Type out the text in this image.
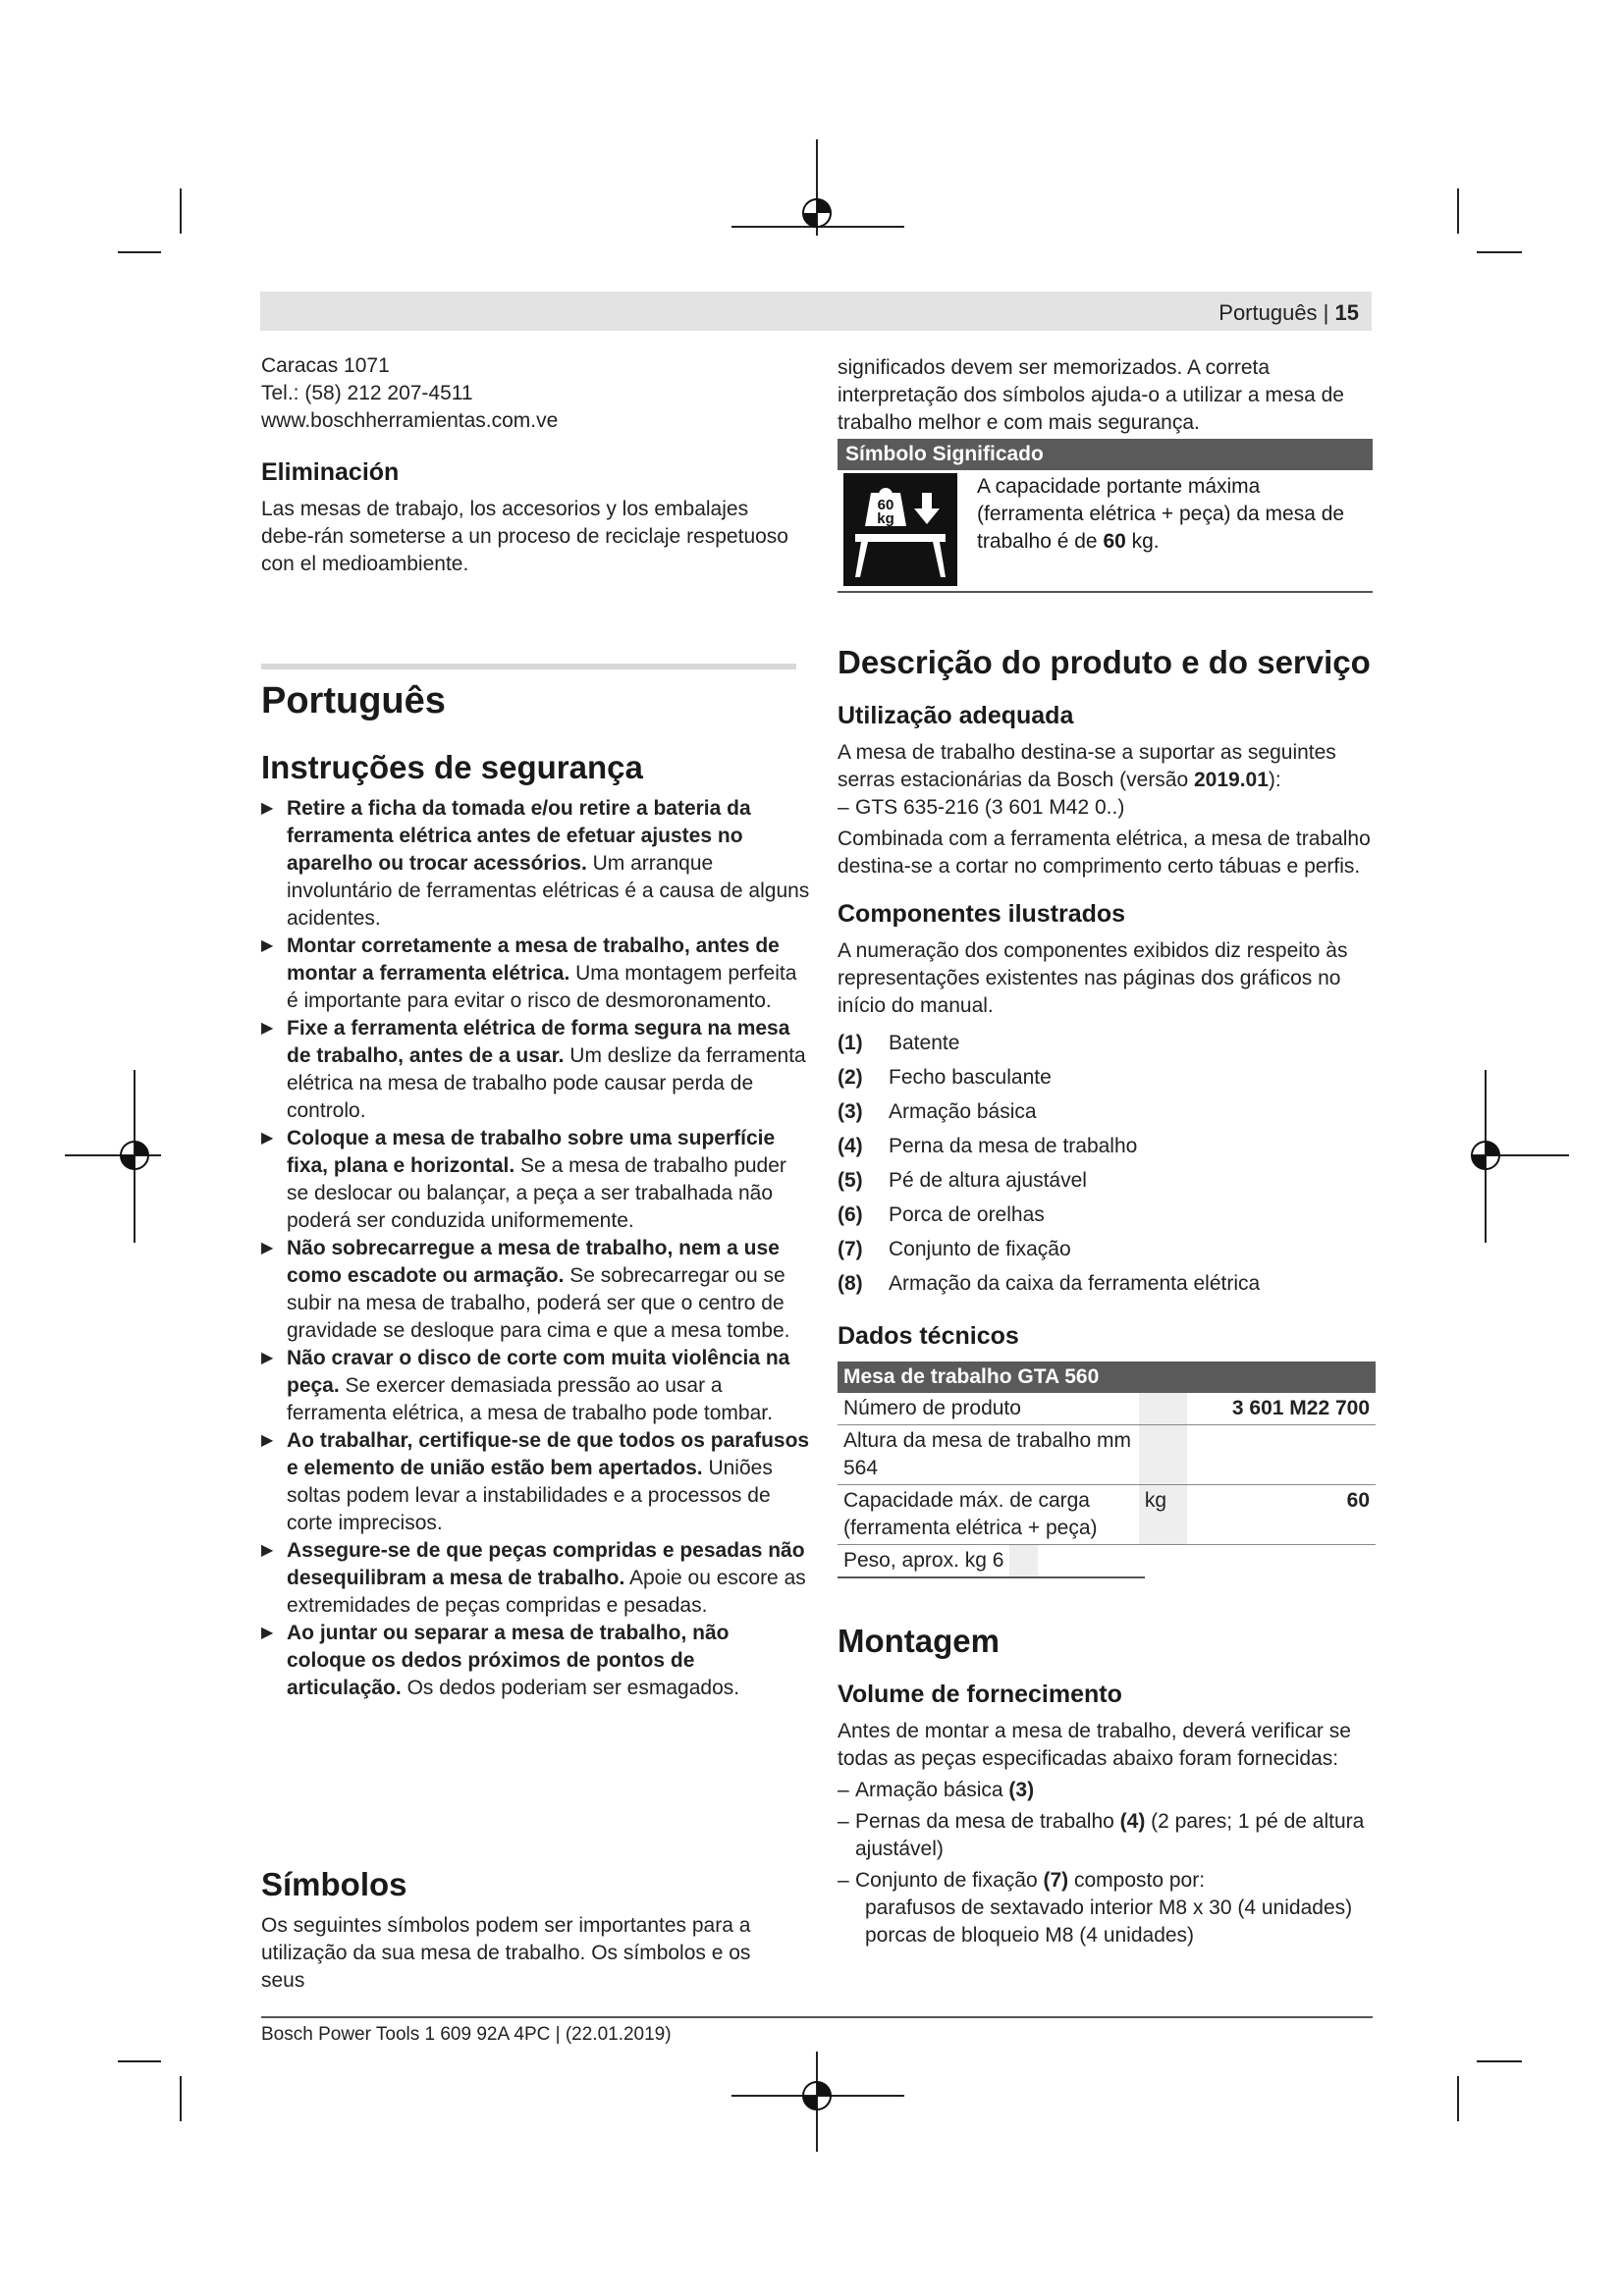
Português | 15

Caracas 1071

Tel.: (58) 212 207-4511

www.boschherramientas.com.ve

Eliminación

Las mesas de trabajo, los accesorios y los embalajes debe-rán someterse a un proceso de reciclaje respetuoso con el medioambiente.

Português
Instruções de segurança

▶ Retire a ficha da tomada e/ou retire a bateria da ferramenta elétrica antes de efetuar ajustes no aparelho ou trocar acessórios. Um arranque involuntário de ferramentas elétricas é a causa de alguns acidentes.

▶ Montar corretamente a mesa de trabalho, antes de montar a ferramenta elétrica. Uma montagem perfeita é importante para evitar o risco de desmoronamento.

▶ Fixe a ferramenta elétrica de forma segura na mesa de trabalho, antes de a usar. Um deslize da ferramenta elétrica na mesa de trabalho pode causar perda de controlo.

▶ Coloque a mesa de trabalho sobre uma superfície fixa, plana e horizontal. Se a mesa de trabalho puder se deslocar ou balançar, a peça a ser trabalhada não poderá ser conduzida uniformemente.

▶ Não sobrecarregue a mesa de trabalho, nem a use como escadote ou armação. Se sobrecarregar ou se subir na mesa de trabalho, poderá ser que o centro de gravidade se desloque para cima e que a mesa tombe.

▶ Não cravar o disco de corte com muita violência na peça. Se exercer demasiada pressão ao usar a ferramenta elétrica, a mesa de trabalho pode tombar.

▶ Ao trabalhar, certifique-se de que todos os parafusos e elemento de união estão bem apertados. Uniões soltas podem levar a instabilidades e a processos de corte imprecisos.

▶ Assegure-se de que peças compridas e pesadas não desequilibram a mesa de trabalho. Apoie ou escore as extremidades de peças compridas e pesadas.

▶ Ao juntar ou separar a mesa de trabalho, não coloque os dedos próximos de pontos de articulação. Os dedos poderiam ser esmagados.

Símbolos

Os seguintes símbolos podem ser importantes para a utilização da sua mesa de trabalho. Os símbolos e os seus

significados devem ser memorizados. A correta interpretação dos símbolos ajuda-o a utilizar a mesa de trabalho melhor e com mais segurança.

Símbolo Significado
60
kg

A capacidade portante máxima (ferramenta elétrica + peça) da mesa de trabalho é de 60 kg.

Descrição do produto e do serviço
Utilização adequada

A mesa de trabalho destina-se a suportar as seguintes serras estacionárias da Bosch (versão 2019.01):

– GTS 635-216 (3 601 M42 0..)

Combinada com a ferramenta elétrica, a mesa de trabalho destina-se a cortar no comprimento certo tábuas e perfis.

Componentes ilustrados

A numeração dos componentes exibidos diz respeito às representações existentes nas páginas dos gráficos no início do manual.

(1)	Batente
(2)	Fecho basculante
(3)	Armação básica
(4)	Perna da mesa de trabalho
(5)	Pé de altura ajustável
(6)	Porca de orelhas
(7)	Conjunto de fixação
(8)	Armação da caixa da ferramenta elétrica
Dados técnicos
Mesa de trabalho GTA 560
Número de produto		3 601 M22 700
Altura da mesa de trabalho mm 564		
Capacidade máx. de carga (ferramenta elétrica + peça)	kg	60

Peso, aprox. kg 6		
Montagem
Volume de fornecimento

Antes de montar a mesa de trabalho, deverá verificar se todas as peças especificadas abaixo foram fornecidas:

– Armação básica (3)

– Pernas da mesa de trabalho (4) (2 pares; 1 pé de altura ajustável)

– Conjunto de fixação (7) composto por:

parafusos de sextavado interior M8 x 30 (4 unidades)

porcas de bloqueio M8 (4 unidades)

Bosch Power Tools 1 609 92A 4PC | (22.01.2019)
